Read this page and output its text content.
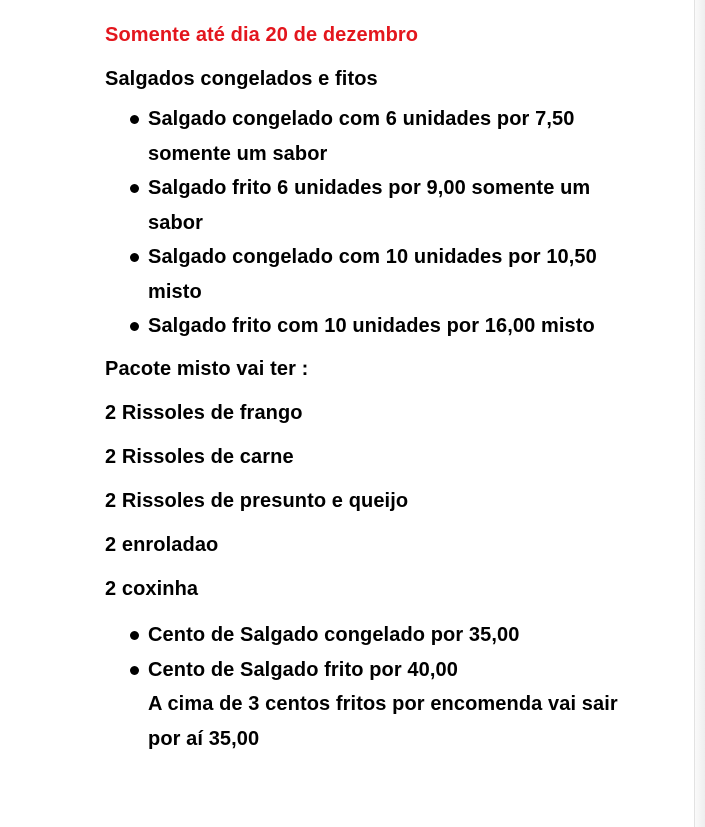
Somente até dia 20 de dezembro
Salgados congelados e fitos
Salgado congelado com 6 unidades por 7,50 somente um sabor
Salgado frito 6 unidades por 9,00 somente um sabor
Salgado congelado com 10 unidades por 10,50 misto
Salgado frito com 10 unidades por 16,00 misto
Pacote misto vai ter :
2 Rissoles de frango
2 Rissoles de carne
2 Rissoles de presunto e queijo
2 enroladao
2 coxinha
Cento de Salgado congelado por 35,00
Cento de Salgado frito por 40,00
A cima de 3 centos fritos por encomenda vai sair por aí 35,00
